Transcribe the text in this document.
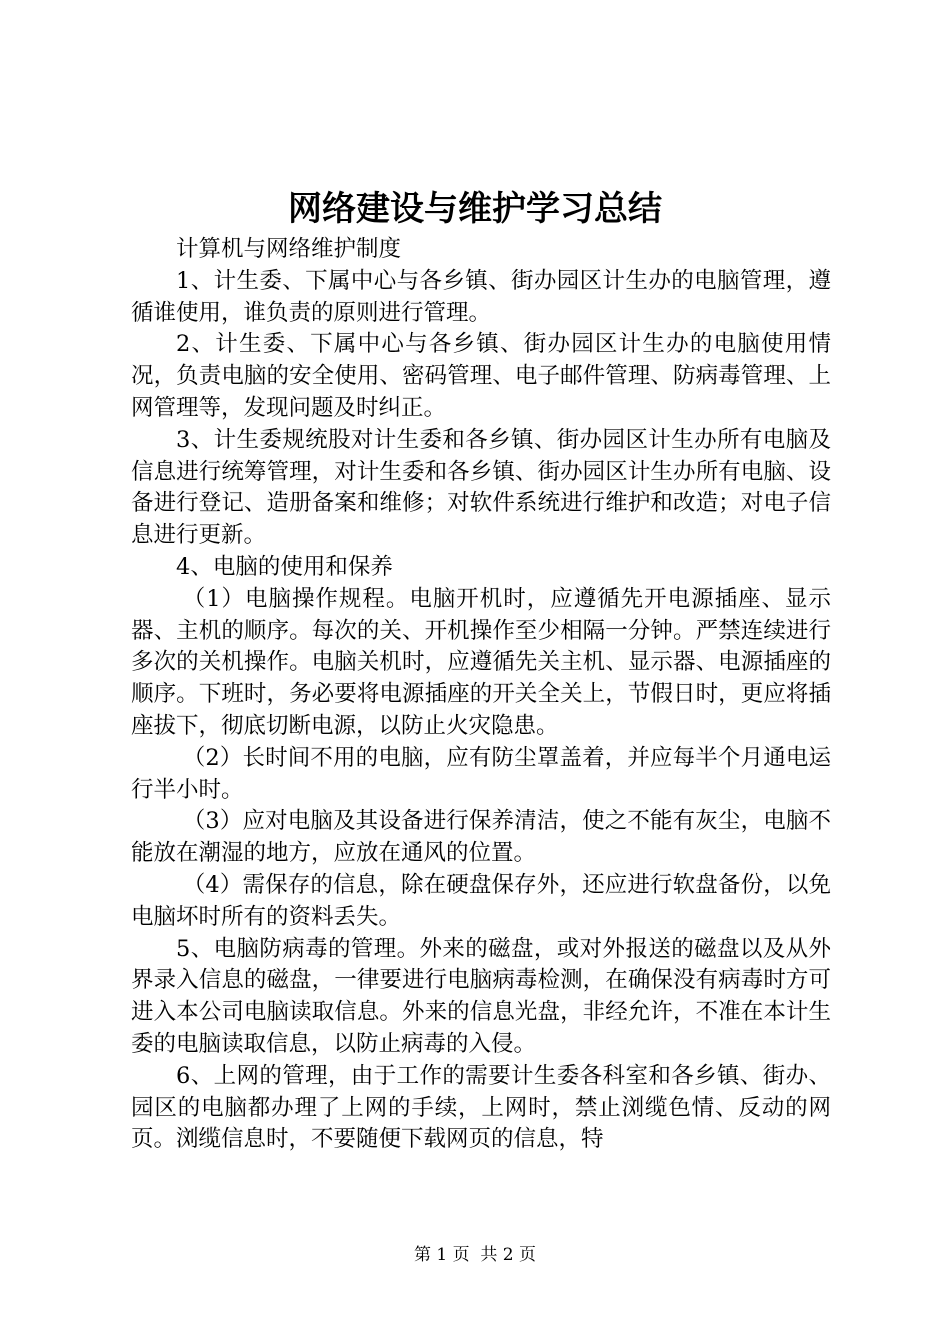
网络建设与维护学习总结

计算机与网络维护制度

1、计生委、下属中心与各乡镇、街办园区计生办的电脑管理，遵循谁使用，谁负责的原则进行管理。

2、计生委、下属中心与各乡镇、街办园区计生办的电脑使用情况，负责电脑的安全使用、密码管理、电子邮件管理、防病毒管理、上网管理等，发现问题及时纠正。

3、计生委规统股对计生委和各乡镇、街办园区计生办所有电脑及信息进行统筹管理，对计生委和各乡镇、街办园区计生办所有电脑、设备进行登记、造册备案和维修；对软件系统进行维护和改造；对电子信息进行更新。

4、电脑的使用和保养

（1）电脑操作规程。电脑开机时，应遵循先开电源插座、显示器、主机的顺序。每次的关、开机操作至少相隔一分钟。严禁连续进行多次的关机操作。电脑关机时，应遵循先关主机、显示器、电源插座的顺序。下班时，务必要将电源插座的开关全关上，节假日时，更应将插座拔下，彻底切断电源，以防止火灾隐患。

（2）长时间不用的电脑，应有防尘罩盖着，并应每半个月通电运行半小时。

（3）应对电脑及其设备进行保养清洁，使之不能有灰尘，电脑不能放在潮湿的地方，应放在通风的位置。

（4）需保存的信息，除在硬盘保存外，还应进行软盘备份，以免电脑坏时所有的资料丢失。

5、电脑防病毒的管理。外来的磁盘，或对外报送的磁盘以及从外界录入信息的磁盘，一律要进行电脑病毒检测，在确保没有病毒时方可进入本公司电脑读取信息。外来的信息光盘，非经允许，不准在本计生委的电脑读取信息，以防止病毒的入侵。

6、上网的管理，由于工作的需要计生委各科室和各乡镇、街办、园区的电脑都办理了上网的手续，上网时，禁止浏缆色情、反动的网页。浏缆信息时，不要随便下载网页的信息，特

第 1 页  共 2 页
